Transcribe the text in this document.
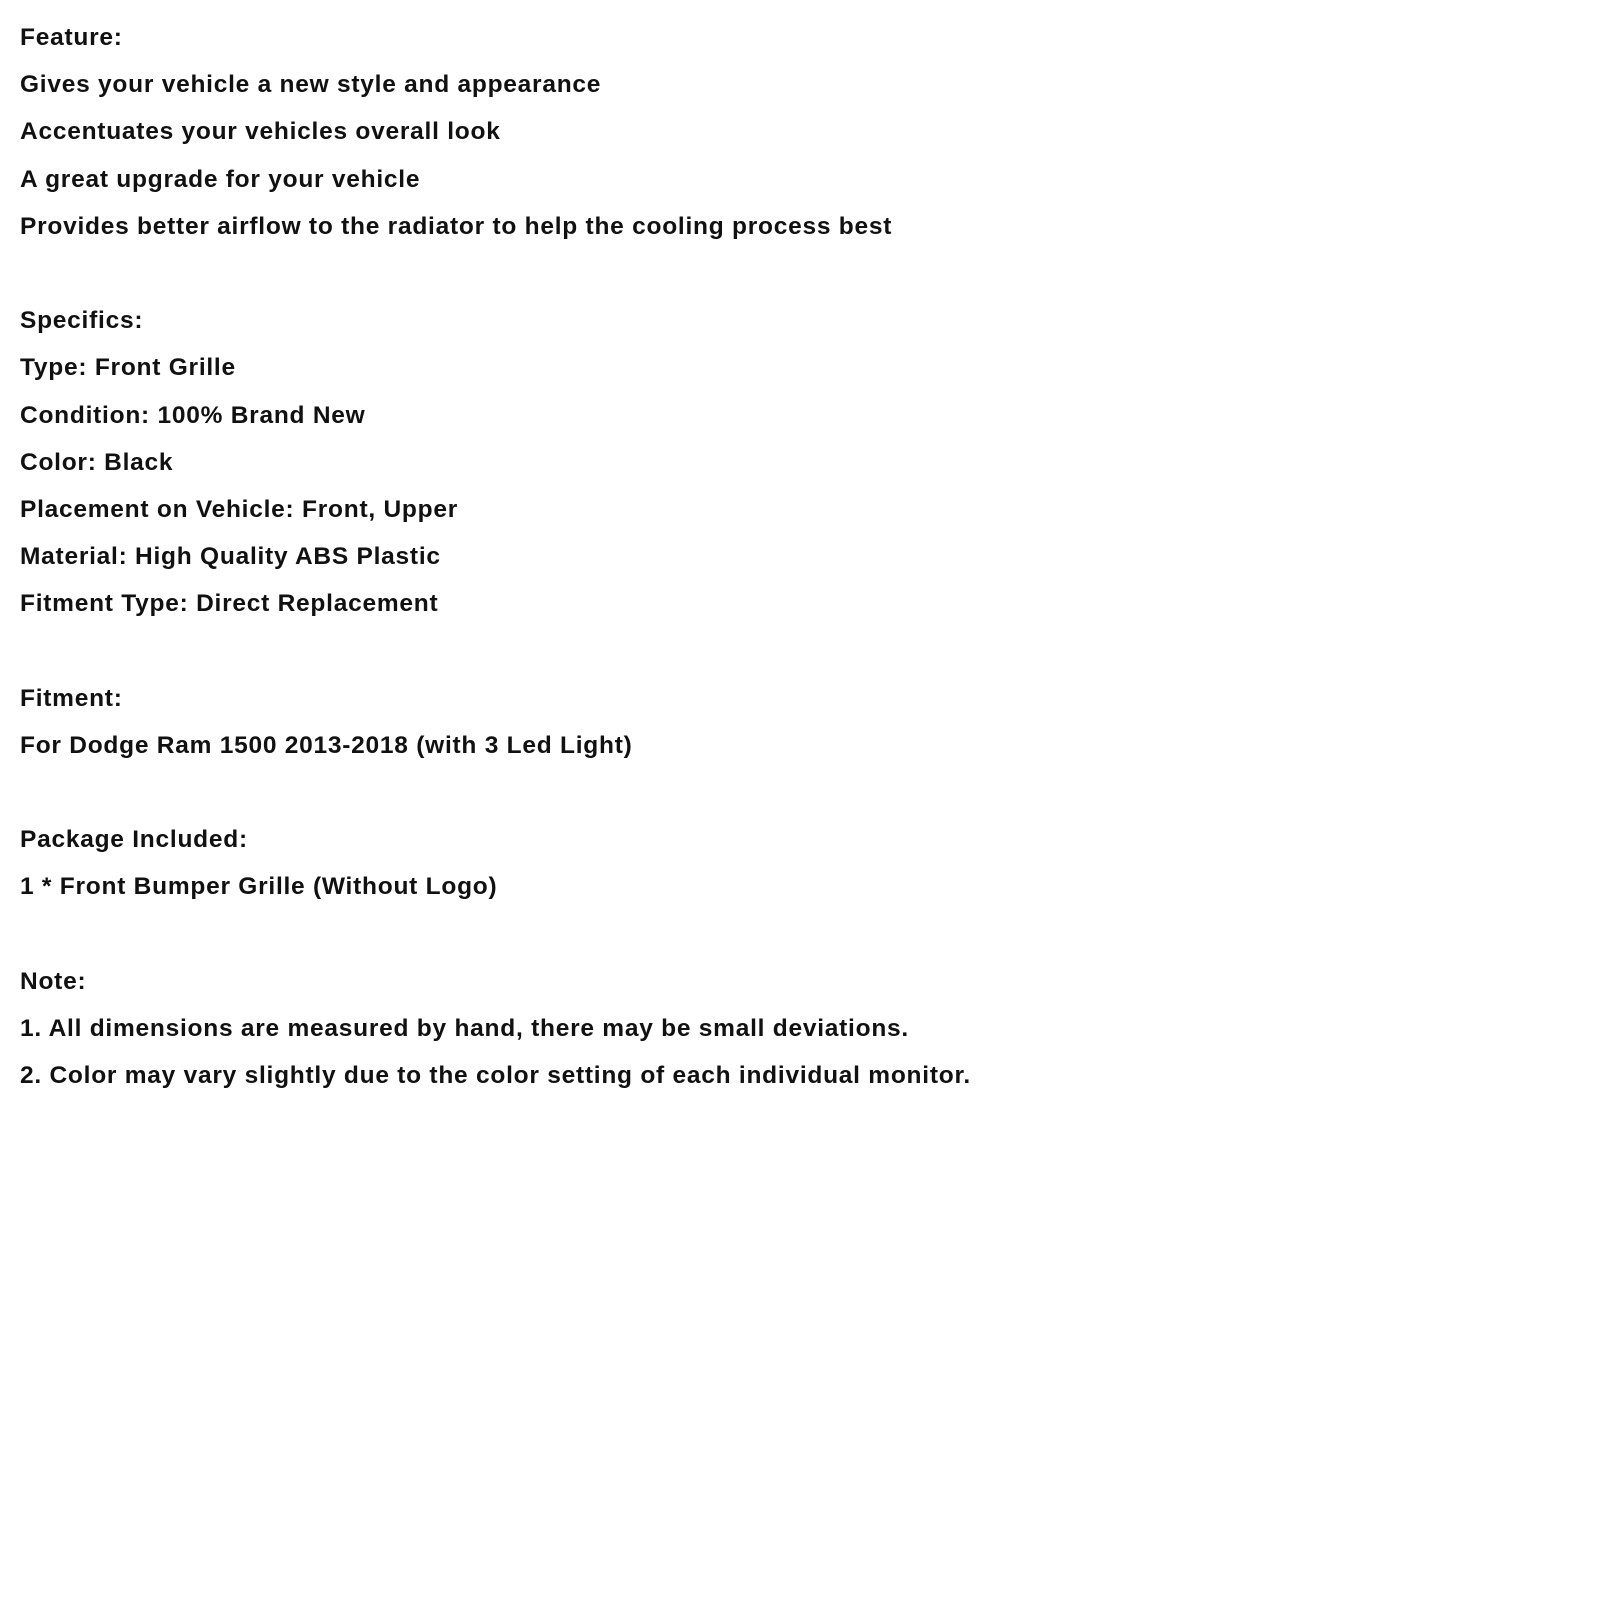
Feature:
Gives your vehicle a new style and appearance
Accentuates your vehicles overall look
A great upgrade for your vehicle
Provides better airflow to the radiator to help the cooling process best
Specifics:
Type: Front Grille
Condition: 100% Brand New
Color: Black
Placement on Vehicle: Front, Upper
Material: High Quality ABS Plastic
Fitment Type: Direct Replacement
Fitment:
For Dodge Ram 1500 2013-2018 (with 3 Led Light)
Package Included:
1 * Front Bumper Grille (Without Logo)
Note:
1. All dimensions are measured by hand, there may be small deviations.
2. Color may vary slightly due to the color setting of each individual monitor.
